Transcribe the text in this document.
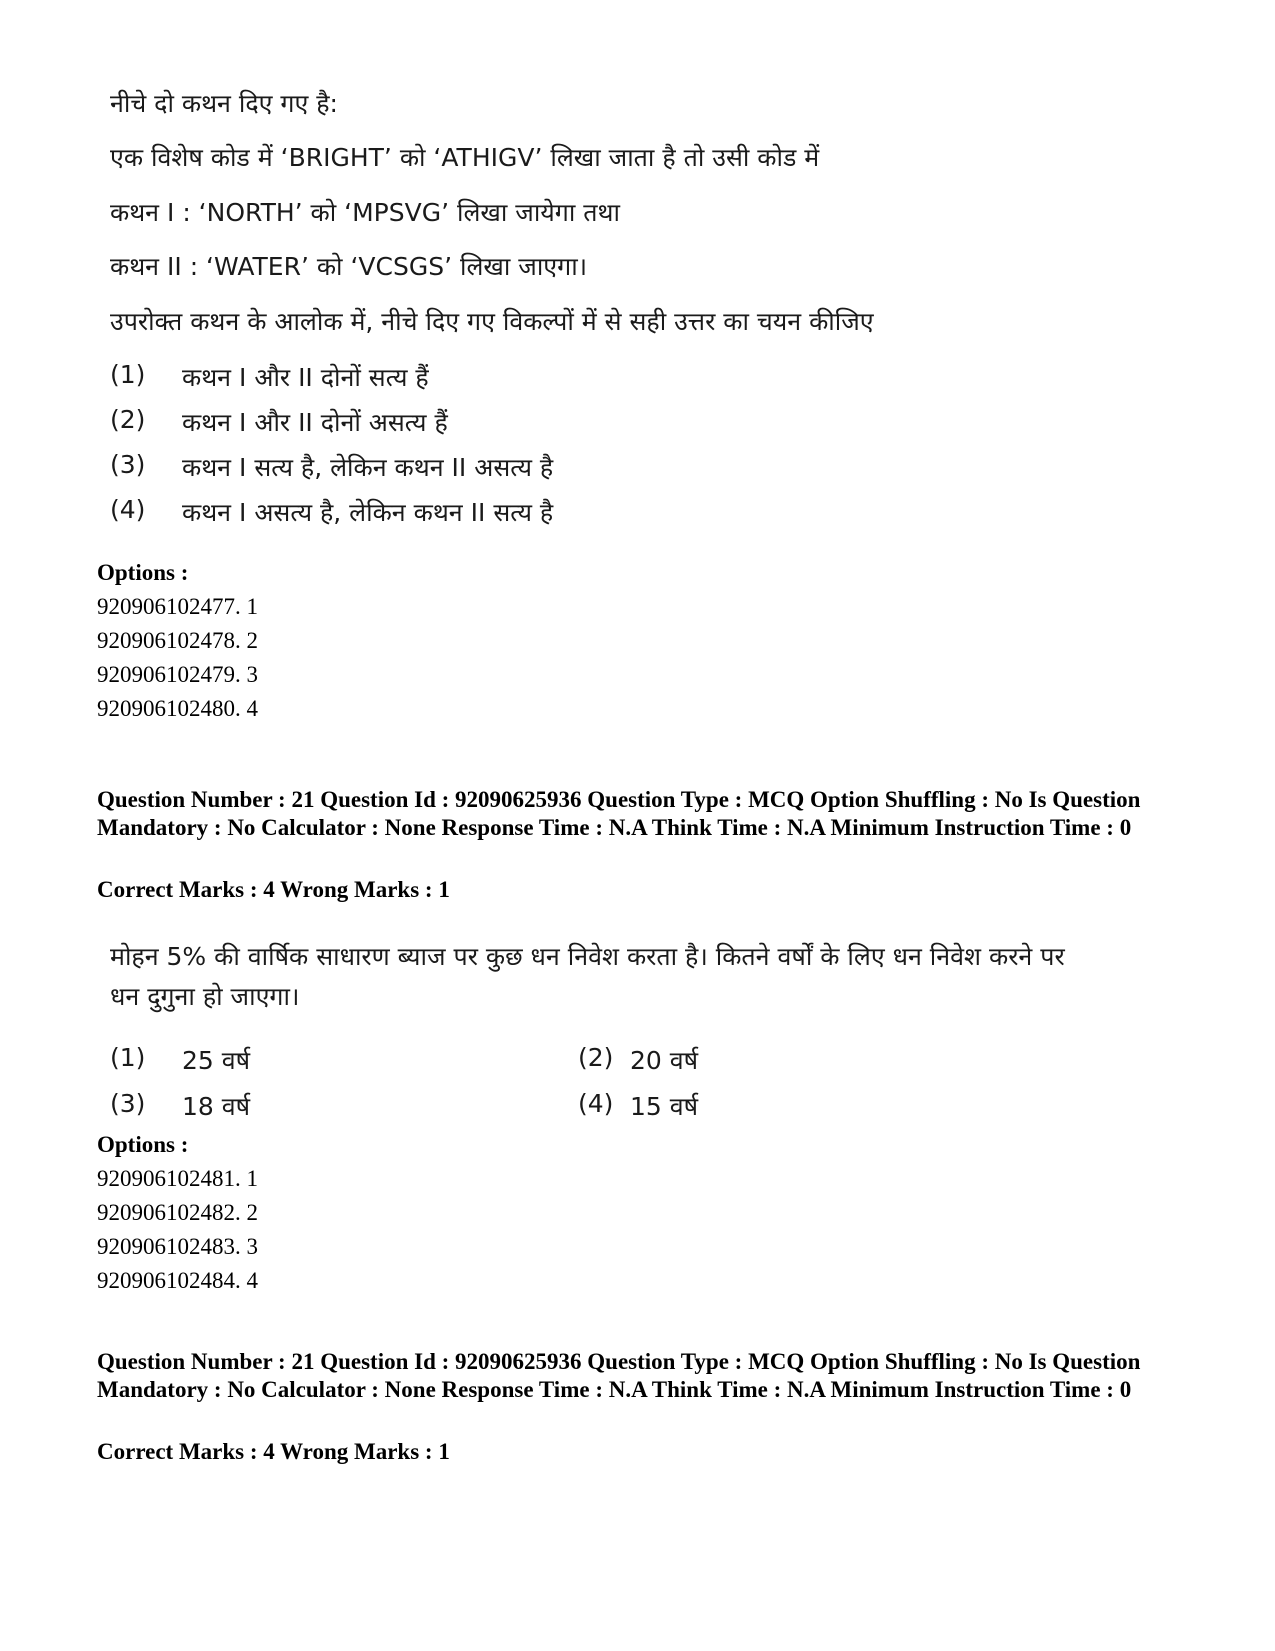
नीचे दो कथन दिए गए है:
एक विशेष कोड में ‘BRIGHT’ को ‘ATHIGV’ लिखा जाता है तो उसी कोड में
कथन I : ‘NORTH’ को ‘MPSVG’ लिखा जायेगा तथा
कथन II : ‘WATER’ को ‘VCSGS’ लिखा जाएगा।
उपरोक्त कथन के आलोक में, नीचे दिए गए विकल्पों में से सही उत्तर का चयन कीजिए
(1)	कथन I और II दोनों सत्य हैं
(2)	कथन I और II दोनों असत्य हैं
(3)	कथन I सत्य है, लेकिन कथन II असत्य है
(4)	कथन I असत्य है, लेकिन कथन II सत्य है
Options :
920906102477. 1
920906102478. 2
920906102479. 3
920906102480. 4
Question Number : 21 Question Id : 92090625936 Question Type : MCQ Option Shuffling : No Is Question Mandatory : No Calculator : None Response Time : N.A Think Time : N.A Minimum Instruction Time : 0
Correct Marks : 4 Wrong Marks : 1
मोहन 5% की वार्षिक साधारण ब्याज पर कुछ धन निवेश करता है। कितने वर्षों के लिए धन निवेश करने पर
धन दुगुना हो जाएगा।
(1)	25 वर्ष	(2) 20 वर्ष
(3)	18 वर्ष	(4) 15 वर्ष
Options :
920906102481. 1
920906102482. 2
920906102483. 3
920906102484. 4
Question Number : 21 Question Id : 92090625936 Question Type : MCQ Option Shuffling : No Is Question Mandatory : No Calculator : None Response Time : N.A Think Time : N.A Minimum Instruction Time : 0
Correct Marks : 4 Wrong Marks : 1
